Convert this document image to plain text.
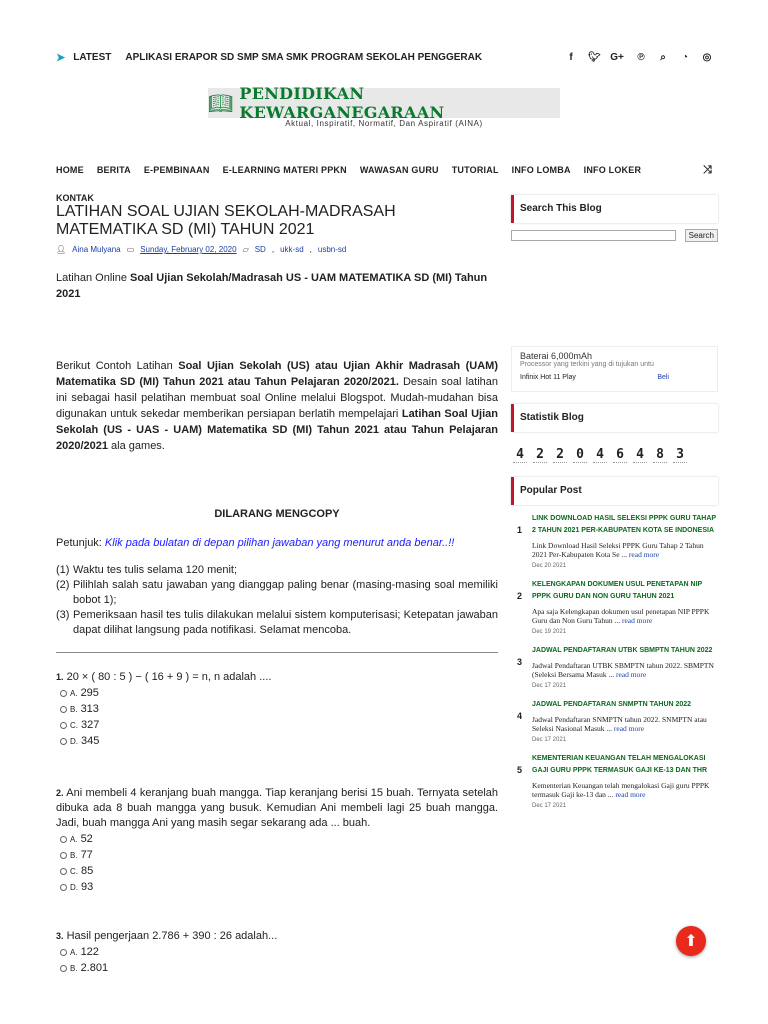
➤ LATEST APLIKASI ERAPOR SD SMP SMA SMK PROGRAM SEKOLAH PENGGERAK	f	🐦︎ G+ ℗ ⌕ ◔ ◎
📖︎ PENDIDIKAN KEWARGANEGARAAN
Aktual, Inspiratif, Normatif, Dan Aspiratif (AINA)
HOME BERITA E-PEMBINAAN E-LEARNING MATERI PPKN WAWASAN GURU TUTORIAL INFO LOMBA INFO LOKER	⤨
KONTAK
LATIHAN SOAL UJIAN SEKOLAH-MADRASAH MATEMATIKA SD (MI) TAHUN 2021
👤︎ Aina Mulyana ▭ Sunday, February 02, 2020 ▱ SD , ukk-sd , usbn-sd

Latihan Online Soal Ujian Sekolah/Madrasah US - UAM MATEMATIKA SD (MI) Tahun 2021

Berikut Contoh Latihan Soal Ujian Sekolah (US) atau Ujian Akhir Madrasah (UAM) Matematika SD (MI) Tahun 2021 atau Tahun Pelajaran 2020/2021. Desain soal latihan ini sebagai hasil pelatihan membuat soal Online melalui Blogspot. Mudah-mudahan bisa digunakan untuk sekedar memberikan persiapan berlatih mempelajari Latihan Soal Ujian Sekolah (US - UAS - UAM) Matematika SD (MI) Tahun 2021 atau Tahun Pelajaran 2020/2021 ala games.

DILARANG MENGCOPY

Petunjuk: Klik pada bulatan di depan pilihan jawaban yang menurut anda benar..!!

(1) Waktu tes tulis selama 120 menit;
(2) Pilihlah salah satu jawaban yang dianggap paling benar (masing-masing soal memiliki bobot 1);
(3) Pemeriksaan hasil tes tulis dilakukan melalui sistem komputerisasi; Ketepatan jawaban dapat dilihat langsung pada notifikasi. Selamat mencoba.
1. 20 × ( 80 : 5 ) − ( 16 + 9 ) = n, n adalah ....
A. 295
B. 313
C. 327
D. 345
2. Ani membeli 4 keranjang buah mangga. Tiap keranjang berisi 15 buah. Ternyata setelah dibuka ada 8 buah mangga yang busuk. Kemudian Ani membeli lagi 25 buah mangga. Jadi, buah mangga Ani yang masih segar sekarang ada ... buah.
A. 52
B. 77
C. 85
D. 93
3. Hasil pengerjaan 2.786 + 390 : 26 adalah...
A. 122
B. 2.801
Search This Blog
Search
Baterai 6,000mAh
Processor yang terkini yang di tujukan untu
Infinix Hot 11 Play	Beli
Statistik Blog
4 2 2 0 4 6 4 8 3
Popular Post
1
LINK DOWNLOAD HASIL SELEKSI PPPK GURU TAHAP 2 TAHUN 2021 PER-KABUPATEN KOTA SE INDONESIA
Link Download Hasil Seleksi PPPK Guru Tahap 2 Tahun 2021 Per-Kabupaten Kota Se ... read more
Dec 20 2021
2
KELENGKAPAN DOKUMEN USUL PENETAPAN NIP PPPK GURU DAN NON GURU TAHUN 2021
Apa saja Kelengkapan dokumen usul penetapan NIP PPPK Guru dan Non Guru Tahun ... read more
Dec 19 2021
3
JADWAL PENDAFTARAN UTBK SBMPTN TAHUN 2022
Jadwal Pendaftaran UTBK SBMPTN tahun 2022. SBMPTN (Seleksi Bersama Masuk ... read more
Dec 17 2021
4
JADWAL PENDAFTARAN SNMPTN TAHUN 2022
Jadwal Pendaftaran SNMPTN tahun 2022. SNMPTN atau Seleksi Nasional Masuk ... read more
Dec 17 2021
5
KEMENTERIAN KEUANGAN TELAH MENGALOKASI GAJI GURU PPPK TERMASUK GAJI KE-13 DAN THR
Kementerian Keuangan telah mengalokasi Gaji guru PPPK termasuk Gaji ke-13 dan ... read more
Dec 17 2021
⬆
